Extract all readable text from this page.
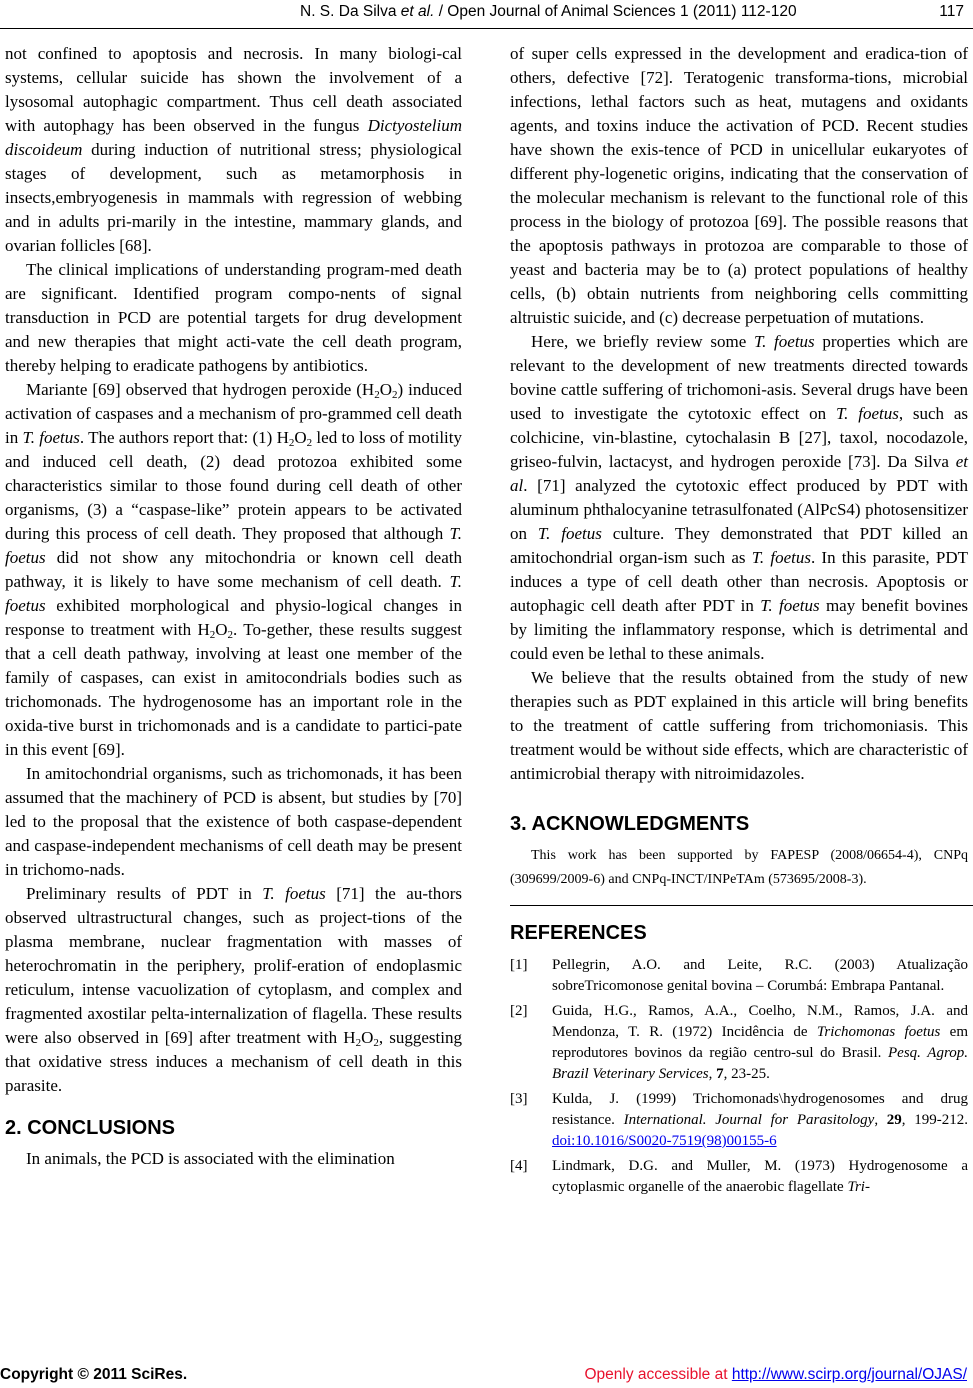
N. S. Da Silva et al. / Open Journal of Animal Sciences 1 (2011) 112-120	117

not confined to apoptosis and necrosis. In many biologi-cal systems, cellular suicide has shown the involvement of a lysosomal autophagic compartment. Thus cell death associated with autophagy has been observed in the fungus Dictyostelium discoideum during induction of nutritional stress; physiological stages of development, such as metamorphosis in insects,embryogenesis in mammals with regression of webbing and in adults pri-marily in the intestine, mammary glands, and ovarian follicles [68].

The clinical implications of understanding program-med death are significant. Identified program compo-nents of signal transduction in PCD are potential targets for drug development and new therapies that might acti-vate the cell death program, thereby helping to eradicate pathogens by antibiotics.

Mariante [69] observed that hydrogen peroxide $(H_2O_2)$ induced activation of caspases and a mechanism of pro-grammed cell death in T. foetus. The authors report that: (1) $H_2O_2$ led to loss of motility and induced cell death, (2) dead protozoa exhibited some characteristics similar to those found during cell death of other organisms, (3) a “caspase-like” protein appears to be activated during this process of cell death. They proposed that although T. foetus did not show any mitochondria or known cell death pathway, it is likely to have some mechanism of cell death. T. foetus exhibited morphological and physio-logical changes in response to treatment with $H_2O_2$. To-gether, these results suggest that a cell death pathway, involving at least one member of the family of caspases, can exist in amitocondrials bodies such as trichomonads. The hydrogenosome has an important role in the oxida-tive burst in trichomonads and is a candidate to partici-pate in this event [69].

In amitochondrial organisms, such as trichomonads, it has been assumed that the machinery of PCD is absent, but studies by [70] led to the proposal that the existence of both caspase-dependent and caspase-independent mechanisms of cell death may be present in trichomo-nads.

Preliminary results of PDT in T. foetus [71] the au-thors observed ultrastructural changes, such as project-tions of the plasma membrane, nuclear fragmentation with masses of heterochromatin in the periphery, prolif-eration of endoplasmic reticulum, intense vacuolization of cytoplasm, and complex and fragmented axostilar pelta-internalization of flagella. These results were also observed in [69] after treatment with $H_2O_2$, suggesting that oxidative stress induces a mechanism of cell death in this parasite.

2. CONCLUSIONS

In animals, the PCD is associated with the elimination

of super cells expressed in the development and eradica-tion of others, defective [72]. Teratogenic transforma-tions, microbial infections, lethal factors such as heat, mutagens and oxidants agents, and toxins induce the activation of PCD. Recent studies have shown the exis-tence of PCD in unicellular eukaryotes of different phy-logenetic origins, indicating that the conservation of the molecular mechanism is relevant to the functional role of this process in the biology of protozoa [69]. The possible reasons that the apoptosis pathways in protozoa are comparable to those of yeast and bacteria may be to (a) protect populations of healthy cells, (b) obtain nutrients from neighboring cells committing altruistic suicide, and (c) decrease perpetuation of mutations.

Here, we briefly review some T. foetus properties which are relevant to the development of new treatments directed towards bovine cattle suffering of trichomoni-asis. Several drugs have been used to investigate the cytotoxic effect on T. foetus, such as colchicine, vin-blastine, cytochalasin B [27], taxol, nocodazole, griseo-fulvin, lactacyst, and hydrogen peroxide [73]. Da Silva et al. [71] analyzed the cytotoxic effect produced by PDT with aluminum phthalocyanine tetrasulfonated (AlPcS4) photosensitizer on T. foetus culture. They demonstrated that PDT killed an amitochondrial organ-ism such as T. foetus. In this parasite, PDT induces a type of cell death other than necrosis. Apoptosis or autophagic cell death after PDT in T. foetus may benefit bovines by limiting the inflammatory response, which is detrimental and could even be lethal to these animals.

We believe that the results obtained from the study of new therapies such as PDT explained in this article will bring benefits to the treatment of cattle suffering from trichomoniasis. This treatment would be without side effects, which are characteristic of antimicrobial therapy with nitroimidazoles.

3. ACKNOWLEDGMENTS

This work has been supported by FAPESP (2008/06654-4), CNPq (309699/2009-6) and CNPq-INCT/INPeTAm (573695/2008-3).

REFERENCES
[1] Pellegrin, A.O. and Leite, R.C. (2003) Atualização sobreTricomonose genital bovina – Corumbá: Embrapa Pantanal.
[2] Guida, H.G., Ramos, A.A., Coelho, N.M., Ramos, J.A. and Mendonza, T. R. (1972) Incidência de Trichomonas foetus em reprodutores bovinos da região centro-sul do Brasil. Pesq. Agrop. Brazil Veterinary Services, 7, 23-25.
[3] Kulda, J. (1999) Trichomonads\hydrogenosomes and drug resistance. International. Journal for Parasitology, 29, 199-212. doi:10.1016/S0020-7519(98)00155-6
[4] Lindmark, D.G. and Muller, M. (1973) Hydrogenosome a cytoplasmic organelle of the anaerobic flagellate Tri-
Copyright © 2011 SciRes.	Openly accessible at http://www.scirp.org/journal/OJAS/
